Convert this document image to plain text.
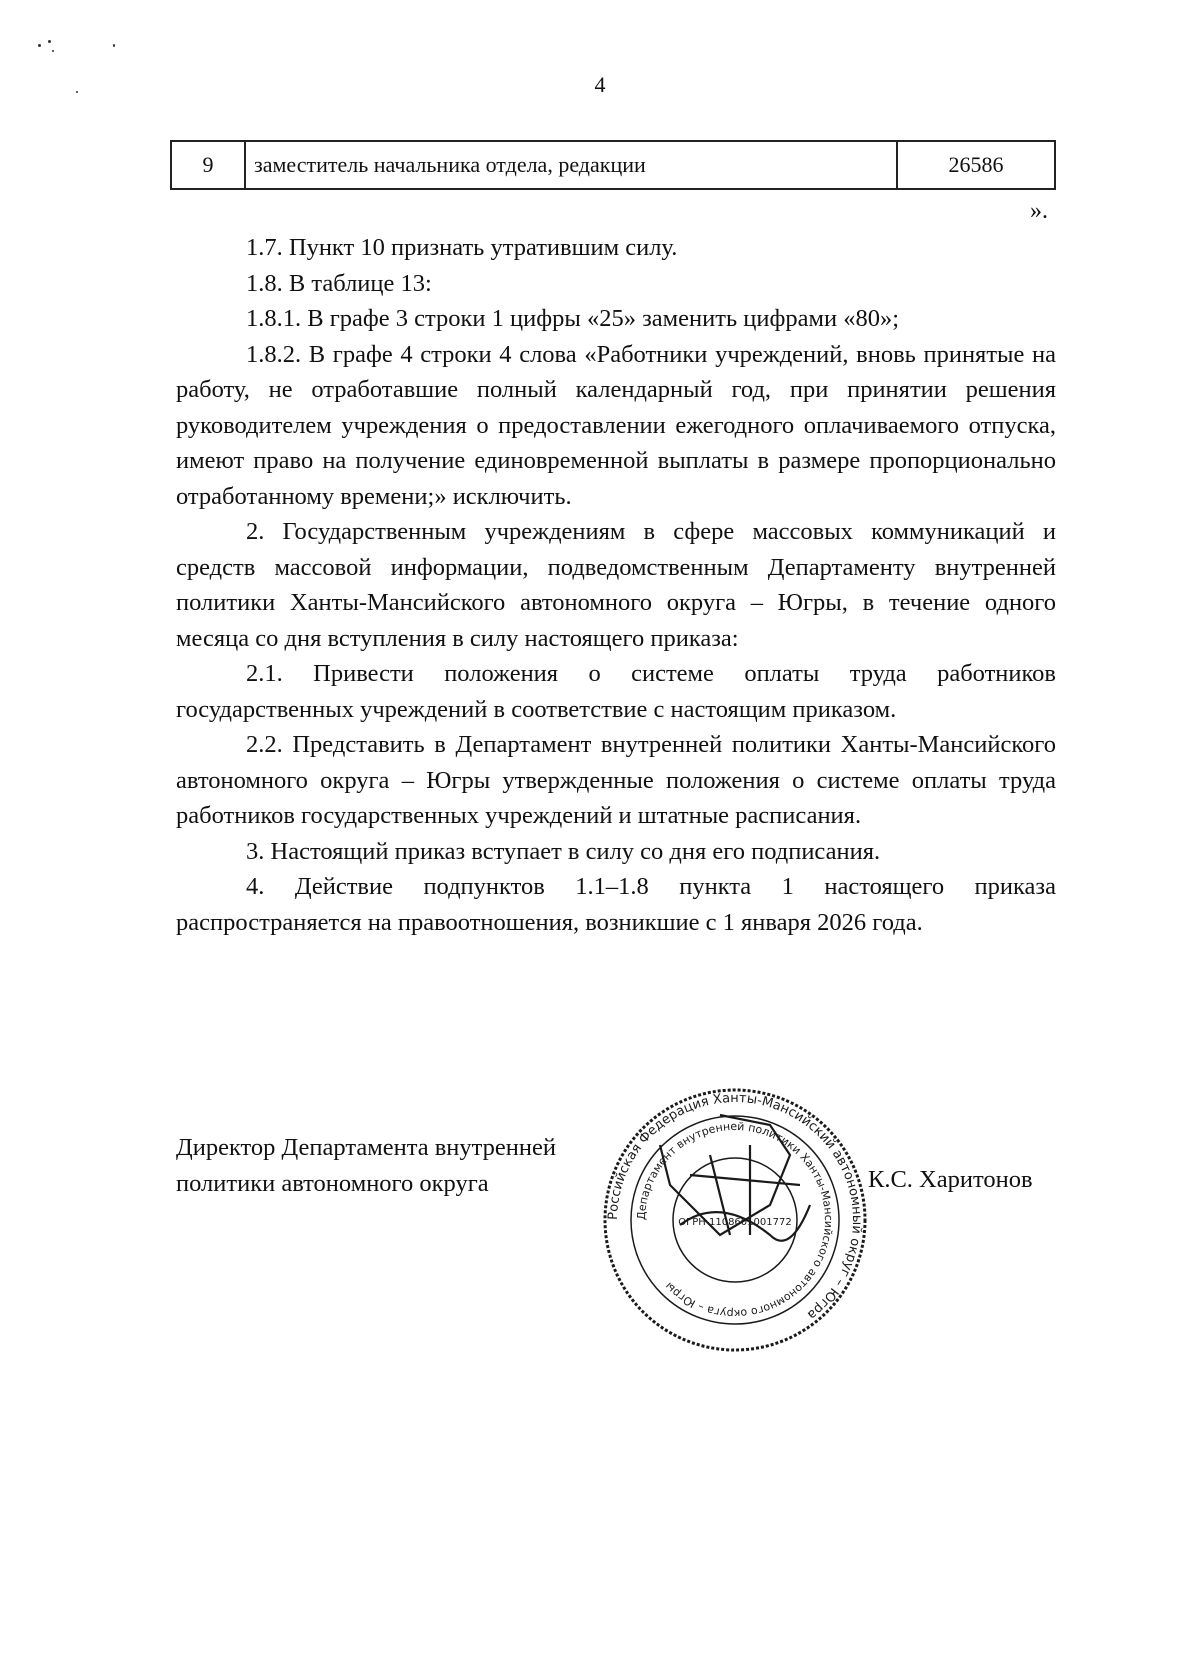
4
9	заместитель начальника отдела, редакции	26586
».

1.7. Пункт 10 признать утратившим силу.

1.8. В таблице 13:

1.8.1. В графе 3 строки 1 цифры «25» заменить цифрами «80»;

1.8.2. В графе 4 строки 4 слова «Работники учреждений, вновь принятые на работу, не отработавшие полный календарный год, при принятии решения руководителем учреждения о предоставлении ежегодного оплачиваемого отпуска, имеют право на получение единовременной выплаты в размере пропорционально отработанному времени;» исключить.

2. Государственным учреждениям в сфере массовых коммуникаций и средств массовой информации, подведомственным Департаменту внутренней политики Ханты-Мансийского автономного округа – Югры, в течение одного месяца со дня вступления в силу настоящего приказа:

2.1. Привести положения о системе оплаты труда работников государственных учреждений в соответствие с настоящим приказом.

2.2. Представить в Департамент внутренней политики Ханты-Мансийского автономного округа – Югры утвержденные положения о системе оплаты труда работников государственных учреждений и штатные расписания.

3. Настоящий приказ вступает в силу со дня его подписания.

4. Действие подпунктов 1.1–1.8 пункта 1 настоящего приказа распространяется на правоотношения, возникшие с 1 января 2026 года.

Директор Департамента внутренней
политики автономного округа
Российская Федерация Ханты-Мансийский автономный округ – Югра
Департамент внутренней политики Ханты-Мансийского автономного округа – Югры
ОГРН 1108601001772
К.С. Харитонов
